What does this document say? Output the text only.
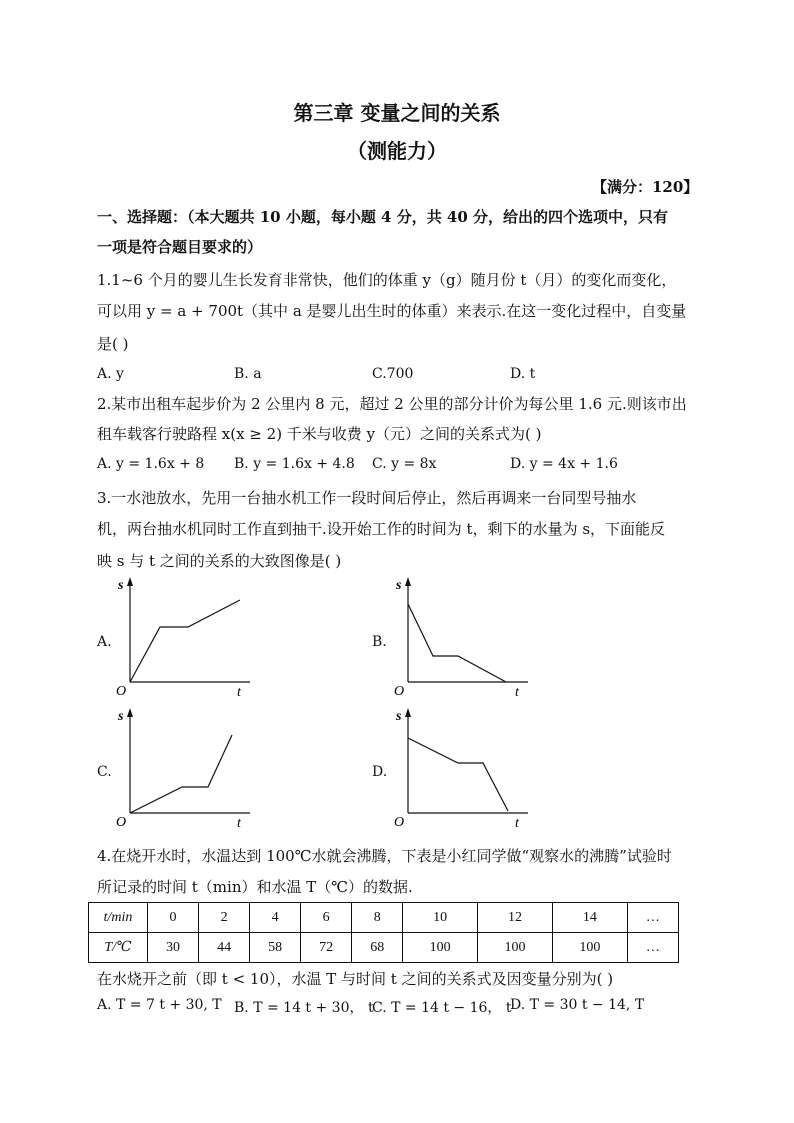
第三章 变量之间的关系
（测能力）
【满分：120】
一、选择题：（本大题共 10 小题，每小题 4 分，共 40 分，给出的四个选项中，只有
一项是符合题目要求的）
1.1~6 个月的婴儿生长发育非常快，他们的体重 y（g）随月份 t（月）的变化而变化，
可以用 y = a + 700t（其中 a 是婴儿出生时的体重）来表示.在这一变化过程中，自变量
是( )
A. y	B. a	C.700	D. t
2.某市出租车起步价为 2 公里内 8 元，超过 2 公里的部分计价为每公里 1.6 元.则该市出
租车载客行驶路程 x(x ≥ 2) 千米与收费 y（元）之间的关系式为( )
A. y = 1.6x + 8 B. y = 1.6x + 4.8 C. y = 8x	D. y = 4x + 1.6
3.一水池放水，先用一台抽水机工作一段时间后停止，然后再调来一台同型号抽水
机，两台抽水机同时工作直到抽干.设开始工作的时间为 t，剩下的水量为 s，下面能反
映 s 与 t 之间的关系的大致图像是( )
A.
s
O	t
B.
s
O	t
C.
s
O	t
D.
s
O	t
4.在烧开水时，水温达到 100℃水就会沸腾，下表是小红同学做“观察水的沸腾”试验时
所记录的时间 t（min）和水温 T（℃）的数据.
t/min	0	2	4	6	8	10	12	14	…
T/℃	30	44	58	72	68	100	100	100	…
在水烧开之前（即 t < 10），水温 T 与时间 t 之间的关系式及因变量分别为( )
A. T = 7 t + 30, T B. T = 14 t + 30， t
C. T = 14 t − 16， t
D. T = 30 t − 14, T
